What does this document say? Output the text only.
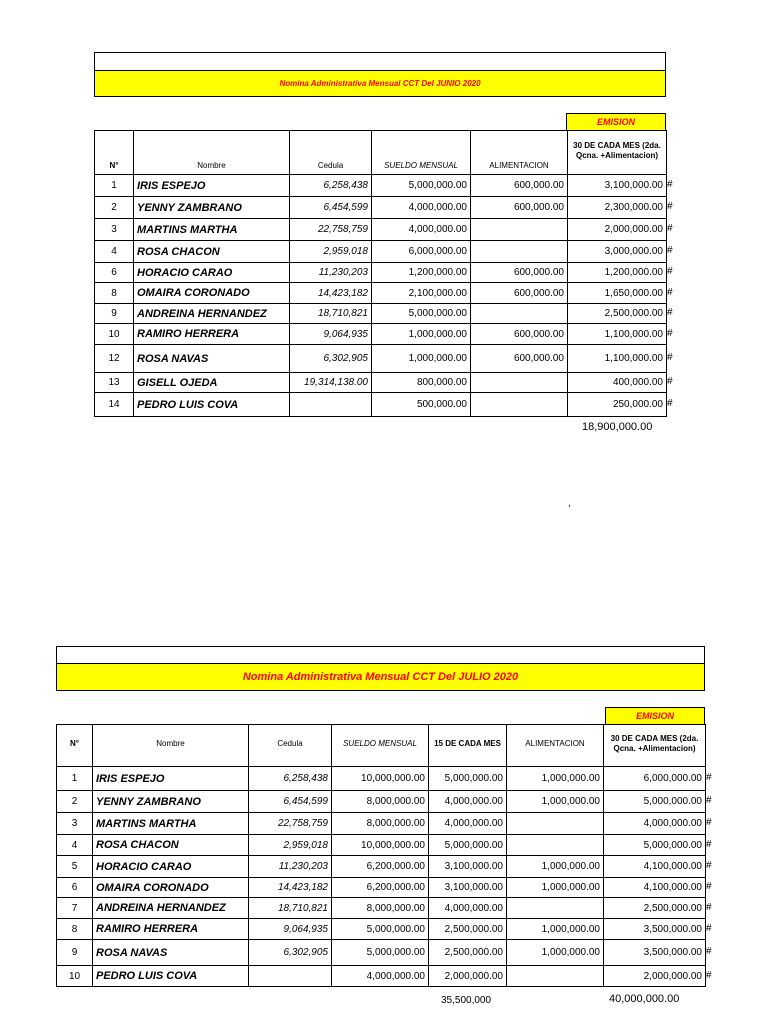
Nomina Administrativa Mensual CCT Del JUNIO 2020
EMISION
N°	Nombre	Cedula	SUELDO MENSUAL	ALIMENTACION	30 DE CADA MES (2da. Qcna. +Alimentacion)
1	IRIS ESPEJO	6,258,438	5,000,000.00	600,000.00	3,100,000.00
2	YENNY ZAMBRANO	6,454,599	4,000,000.00	600,000.00	2,300,000.00
3	MARTINS MARTHA	22,758,759	4,000,000.00		2,000,000.00
4	ROSA CHACON	2,959,018	6,000,000.00		3,000,000.00
6	HORACIO CARAO	11,230,203	1,200,000.00	600,000.00	1,200,000.00
8	OMAIRA CORONADO	14,423,182	2,100,000.00	600,000.00	1,650,000.00
9	ANDREINA HERNANDEZ	18,710,821	5,000,000.00		2,500,000.00
10	RAMIRO HERRERA	9,064,935	1,000,000.00	600,000.00	1,100,000.00
12	ROSA NAVAS	6,302,905	1,000,000.00	600,000.00	1,100,000.00
13	GISELL OJEDA	19,314,138.00	800,000.00		400,000.00
14	PEDRO LUIS COVA		500,000.00		250,000.00
#
#
#
#
#
#
#
#
#
#
#
18,900,000.00
,
Nomina Administrativa Mensual CCT Del JULIO 2020
EMISION
N°	Nombre	Cedula	SUELDO MENSUAL	15 DE CADA MES	ALIMENTACION	30 DE CADA MES (2da. Qcna. +Alimentacion)
1	IRIS ESPEJO	6,258,438	10,000,000.00	5,000,000.00	1,000,000.00	6,000,000.00
2	YENNY ZAMBRANO	6,454,599	8,000,000.00	4,000,000.00	1,000,000.00	5,000,000.00
3	MARTINS MARTHA	22,758,759	8,000,000.00	4,000,000.00		4,000,000.00
4	ROSA CHACON	2,959,018	10,000,000.00	5,000,000.00		5,000,000.00
5	HORACIO CARAO	11,230,203	6,200,000.00	3,100,000.00	1,000,000.00	4,100,000.00
6	OMAIRA CORONADO	14,423,182	6,200,000.00	3,100,000.00	1,000,000.00	4,100,000.00
7	ANDREINA HERNANDEZ	18,710,821	8,000,000.00	4,000,000.00		2,500,000.00
8	RAMIRO HERRERA	9,064,935	5,000,000.00	2,500,000.00	1,000,000.00	3,500,000.00
9	ROSA NAVAS	6,302,905	5,000,000.00	2,500,000.00	1,000,000.00	3,500,000.00
10	PEDRO LUIS COVA		4,000,000.00	2,000,000.00		2,000,000.00
#
#
#
#
#
#
#
#
#
#
35,500,000	40,000,000.00
